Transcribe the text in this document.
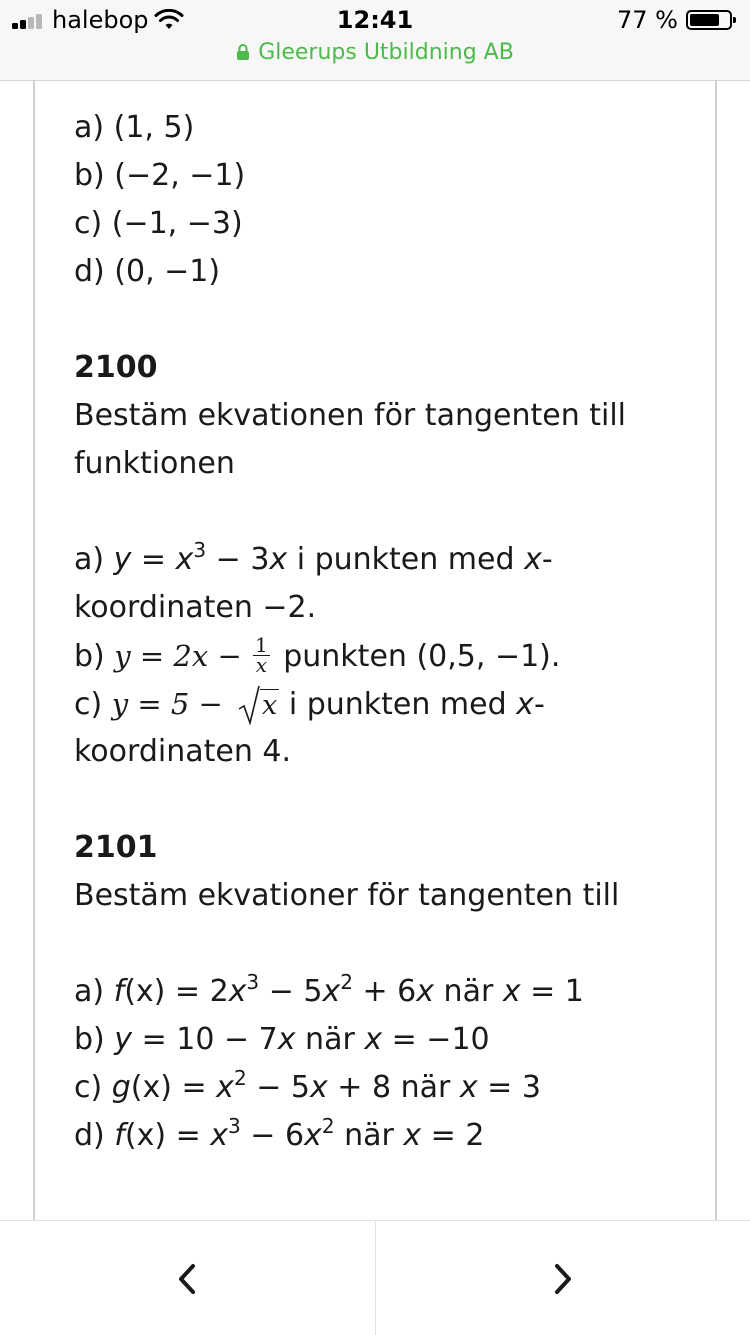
halebop	12:41	77 %
Gleerups Utbildning AB
a) (1, 5)
b) (−2, −1)
c) (−1, −3)
d) (0, −1)
2100
Bestäm ekvationen för tangenten till
funktionen
a) $y = x^3 - 3x$ i punkten med x-
koordinaten −2.
b) $y = 2x - \frac{1}{x}$ punkten (0,5, −1).
c) y = 5 −
x i punkten med x-
koordinaten 4.
2101
Bestäm ekvationer för tangenten till
a) $f(x) = 2x^3 - 5x^2 + 6x$ när x = 1
b) y = 10 − 7x när x = −10
c) $g(x) = x^2 - 5x + 8$ när x = 3
d) $f(x) = x^3 - 6x^2$ när x = 2
